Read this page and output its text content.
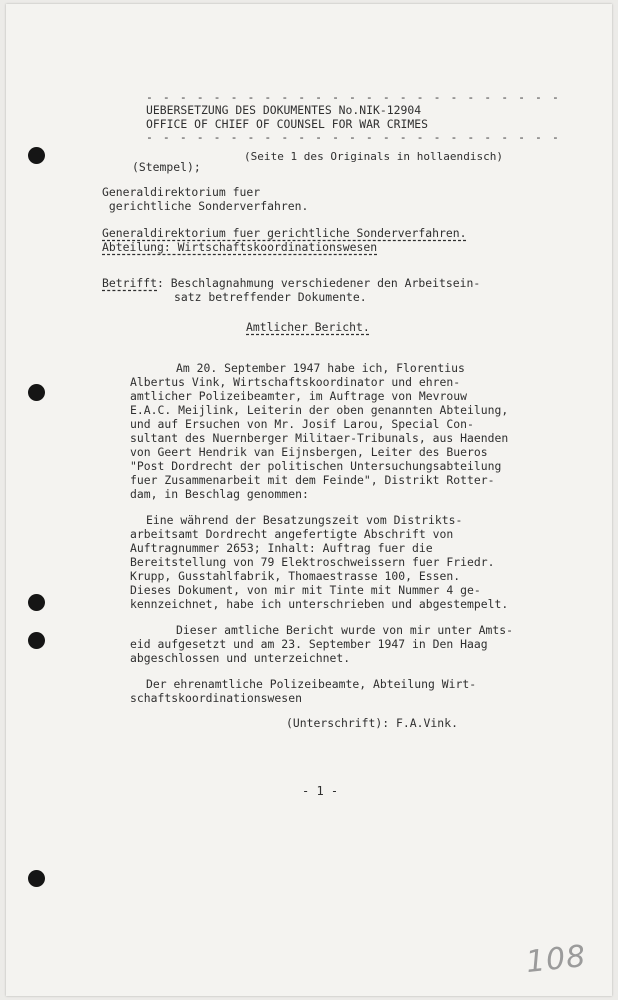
- - - - - - - - - - - - - - - - - - - - - - - - -
UEBERSETZUNG DES DOKUMENTES No.NIK-12904
OFFICE OF CHIEF OF COUNSEL FOR WAR CRIMES
- - - - - - - - - - - - - - - - - - - - - - - - -
(Seite 1 des Originals in hollaendisch)
(Stempel);
Generaldirektorium fuer
gerichtliche Sonderverfahren.
Generaldirektorium fuer gerichtliche Sonderverfahren.
Abteilung: Wirtschaftskoordinationswesen
Betrifft: Beschlagnahmung verschiedener den Arbeitsein-
satz betreffender Dokumente.
Amtlicher Bericht.
Am 20. September 1947 habe ich, Florentius
Albertus Vink, Wirtschaftskoordinator und ehren-
amtlicher Polizeibeamter, im Auftrage von Mevrouw
E.A.C. Meijlink, Leiterin der oben genannten Abteilung,
und auf Ersuchen von Mr. Josif Larou, Special Con-
sultant des Nuernberger Militaer-Tribunals, aus Haenden
von Geert Hendrik van Eijnsbergen, Leiter des Bueros
"Post Dordrecht der politischen Untersuchungsabteilung
fuer Zusammenarbeit mit dem Feinde", Distrikt Rotter-
dam, in Beschlag genommen:
Eine während der Besatzungszeit vom Distrikts-
arbeitsamt Dordrecht angefertigte Abschrift von
Auftragnummer 2653; Inhalt: Auftrag fuer die
Bereitstellung von 79 Elektroschweissern fuer Friedr.
Krupp, Gusstahlfabrik, Thomaestrasse 100, Essen.
Dieses Dokument, von mir mit Tinte mit Nummer 4 ge-
kennzeichnet, habe ich unterschrieben und abgestempelt.
Dieser amtliche Bericht wurde von mir unter Amts-
eid aufgesetzt und am 23. September 1947 in Den Haag
abgeschlossen und unterzeichnet.
Der ehrenamtliche Polizeibeamte, Abteilung Wirt-
schaftskoordinationswesen
(Unterschrift): F.A.Vink.
- 1 -
108
